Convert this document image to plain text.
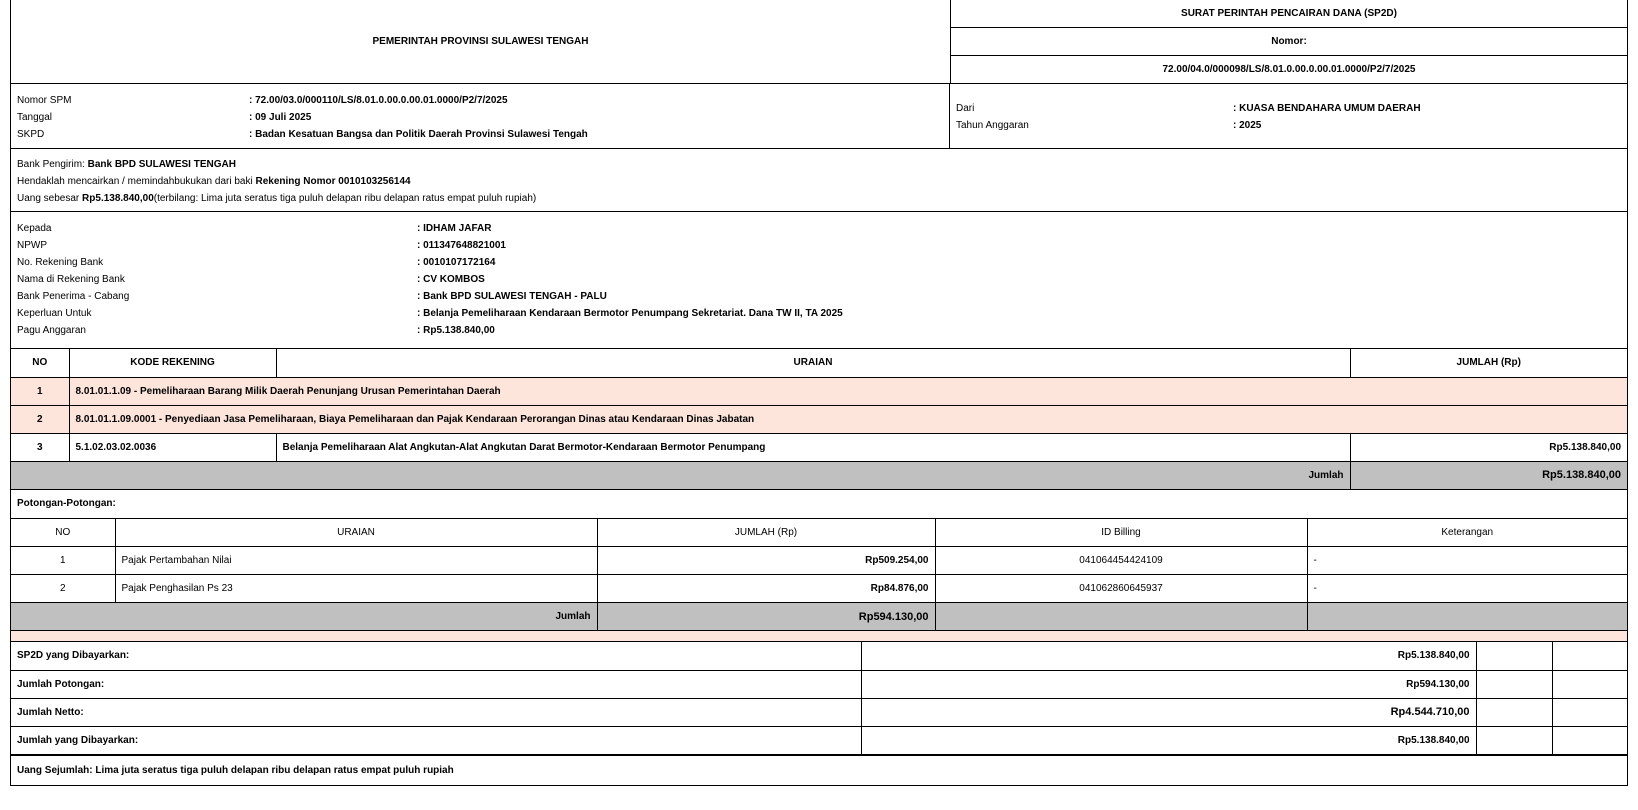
PEMERINTAH PROVINSI SULAWESI TENGAH
SURAT PERINTAH PENCAIRAN DANA (SP2D)
Nomor:
72.00/04.0/000098/LS/8.01.0.00.0.00.01.0000/P2/7/2025
Nomor SPM	: 72.00/03.0/000110/LS/8.01.0.00.0.00.01.0000/P2/7/2025
Tanggal	: 09 Juli 2025
SKPD	: Badan Kesatuan Bangsa dan Politik Daerah Provinsi Sulawesi Tengah
Dari	: KUASA BENDAHARA UMUM DAERAH
Tahun Anggaran	: 2025
Bank Pengirim:
Bank BPD SULAWESI TENGAH
Hendaklah mencairkan / memindahbukukan dari baki
Rekening Nomor
0010103256144
Uang sebesar
Rp5.138.840,00 (terbilang: Lima juta seratus tiga puluh delapan ribu delapan ratus empat puluh rupiah)
Kepada	: IDHAM JAFAR
NPWP	: 011347648821001
No. Rekening Bank	: 0010107172164
Nama di Rekening Bank	: CV KOMBOS
Bank Penerima - Cabang	: Bank BPD SULAWESI TENGAH - PALU
Keperluan Untuk	: Belanja Pemeliharaan Kendaraan Bermotor Penumpang Sekretariat. Dana TW II, TA 2025
Pagu Anggaran	: Rp5.138.840,00
NO	KODE REKENING	URAIAN	JUMLAH (Rp)
1	8.01.01.1.09 - Pemeliharaan Barang Milik Daerah Penunjang Urusan Pemerintahan Daerah		
2	8.01.01.1.09.0001 - Penyediaan Jasa Pemeliharaan, Biaya Pemeliharaan dan Pajak Kendaraan Perorangan Dinas atau Kendaraan Dinas Jabatan		
3	5.1.02.03.02.0036	Belanja Pemeliharaan Alat Angkutan-Alat Angkutan Darat Bermotor-Kendaraan Bermotor Penumpang	Rp5.138.840,00
Jumlah			Rp5.138.840,00
Potongan-Potongan:
NO	URAIAN	JUMLAH (Rp)	ID Billing	Keterangan
1	Pajak Pertambahan Nilai	Rp509.254,00	041064454424109	-
2	Pajak Penghasilan Ps 23	Rp84.876,00	041062860645937	-
Jumlah		Rp594.130,00		
SP2D yang Dibayarkan:	Rp5.138.840,00		
Jumlah Potongan:	Rp594.130,00		
Jumlah Netto:	Rp4.544.710,00		
Jumlah yang Dibayarkan:	Rp5.138.840,00		
Uang Sejumlah: Lima juta seratus tiga puluh delapan ribu delapan ratus empat puluh rupiah
